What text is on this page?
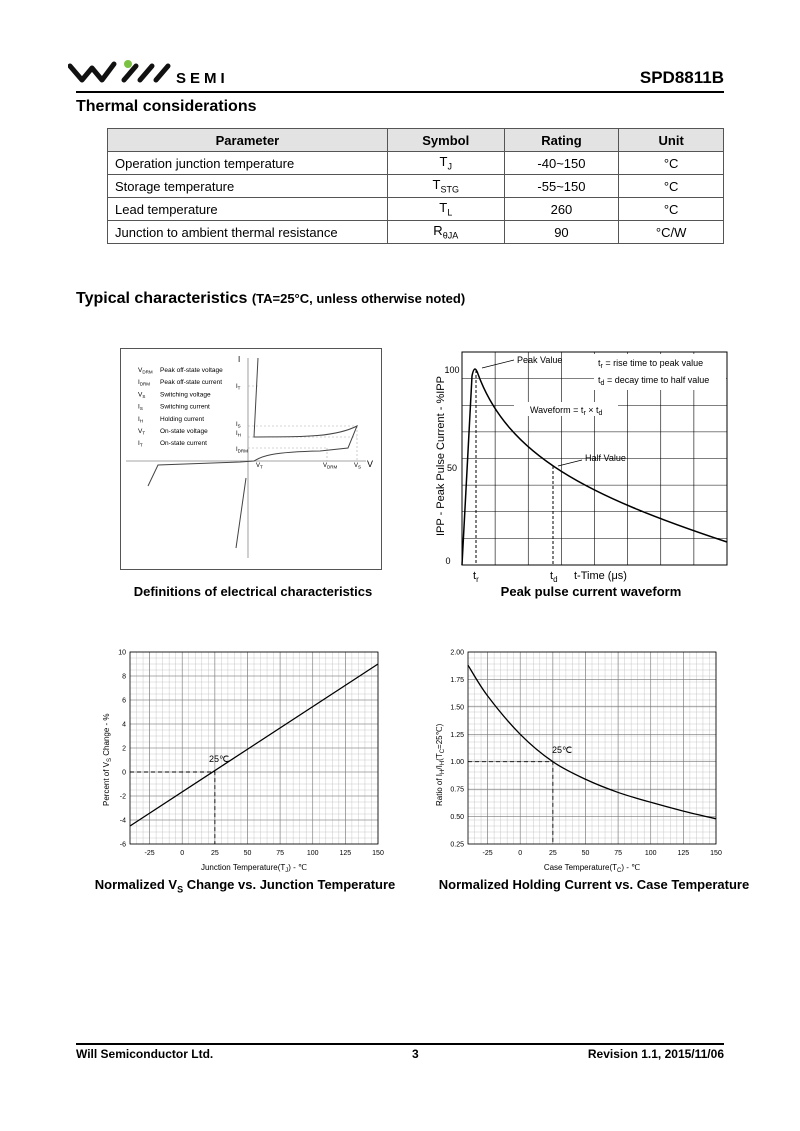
SEMI	SPD8811B
Thermal considerations
Parameter	Symbol	Rating	Unit
Operation junction temperature	$T_J$	-40~150	°C
Storage temperature	$T_{STG}$	-55~150	°C
Lead temperature	$T_L$	260	°C
Junction to ambient thermal resistance	$R_{\theta JA}$	90	°C/W
Typical characteristics (TA=25°C, unless otherwise noted)
$V_{DRM}$ Peak off-state voltage
$I_{DRM}$ Peak off-state current
$V_S$ Switching voltage
$I_S$	Switching current
$I_H$	Holding current
$V_T$ On-state voltage
$I_T$	On-state current
I
V
$I_T$
$I_S$
$I_H$
$I_{DRM}$
$V_T$	$V_{DRM}$	$V_S$
Definitions of electrical characteristics
IPP - Peak Pulse Current - %IPP
0
50
100
Peak Value
Waveform = $t_r \times t_d$
$t_r$ = rise time to peak value
$t_d$ = decay time to half value
Half Value
$t_r$	$t_d$ t-Time (μs)
Peak pulse current waveform
-25	0	25	50	75	100	125	150
-6
-4
-2
0
2
4
6
8
10
25℃
Percent of $V_S$ Change - %
Junction $Temperature(T_J)$ - ℃
Normalized $V_S$ Change vs. Junction Temperature
-25	0	25	50	75	100	125	150
0.25
0.50
0.75
1.00
1.25
1.50
1.75
2.00
25℃
Ratio of $I_H/I_H(T_C=25℃)$
Case $Temperature(T_C)$ - ℃
Normalized Holding Current vs. Case Temperature
Will Semiconductor Ltd.	3	Revision 1.1, 2015/11/06
